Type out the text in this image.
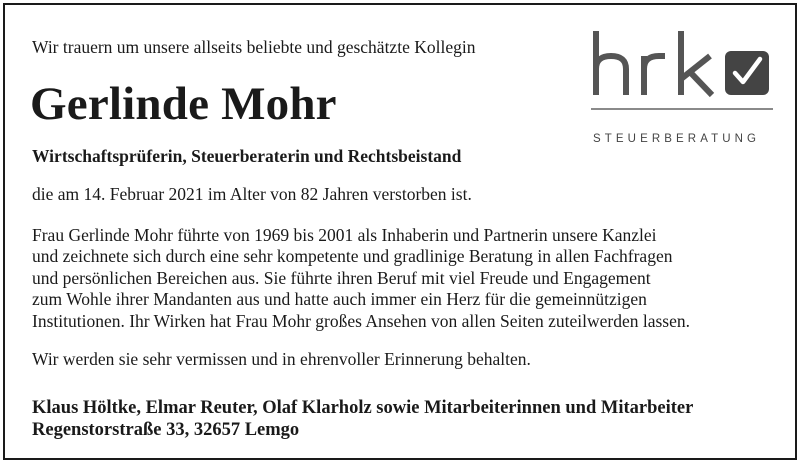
Wir trauern um unsere allseits beliebte und geschätzte Kollegin
Gerlinde Mohr
Wirtschaftsprüferin, Steuerberaterin und Rechtsbeistand
die am 14. Februar 2021 im Alter von 82 Jahren verstorben ist.
Frau Gerlinde Mohr führte von 1969 bis 2001 als Inhaberin und Partnerin unsere Kanzlei
und zeichnete sich durch eine sehr kompetente und gradlinige Beratung in allen Fachfragen
und persönlichen Bereichen aus. Sie führte ihren Beruf mit viel Freude und Engagement
zum Wohle ihrer Mandanten aus und hatte auch immer ein Herz für die gemeinnützigen
Institutionen. Ihr Wirken hat Frau Mohr großes Ansehen von allen Seiten zuteilwerden lassen.
Wir werden sie sehr vermissen und in ehrenvoller Erinnerung behalten.
Klaus Höltke, Elmar Reuter, Olaf Klarholz sowie Mitarbeiterinnen und Mitarbeiter
Regenstorstraße 33, 32657 Lemgo
STEUERBERATUNG
